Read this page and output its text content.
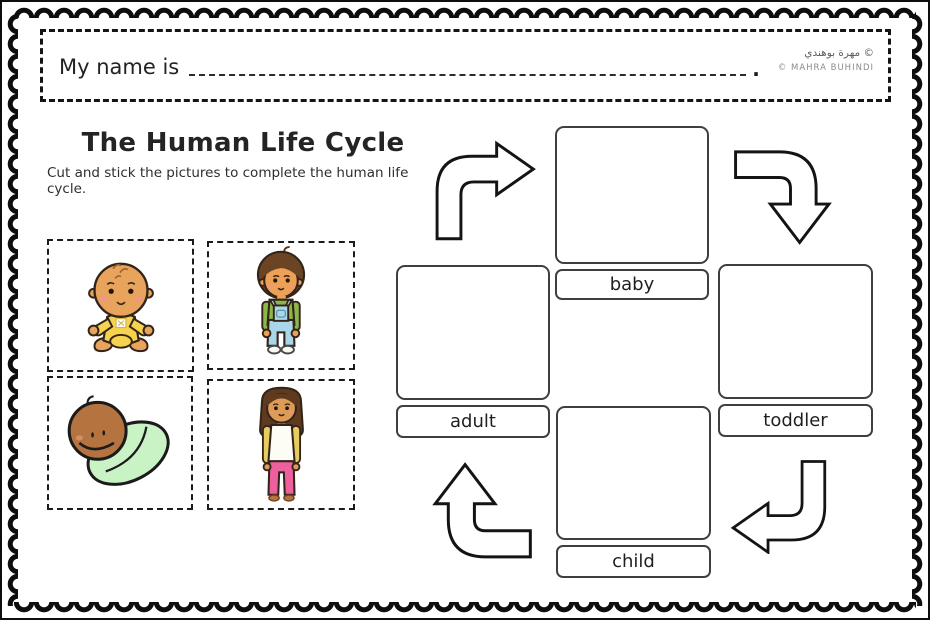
My name is	.
© مهرة بوهندي
© MAHRA BUHINDI
The Human Life Cycle

Cut and stick the pictures to complete the human life cycle.

baby
adult	toddler
child
